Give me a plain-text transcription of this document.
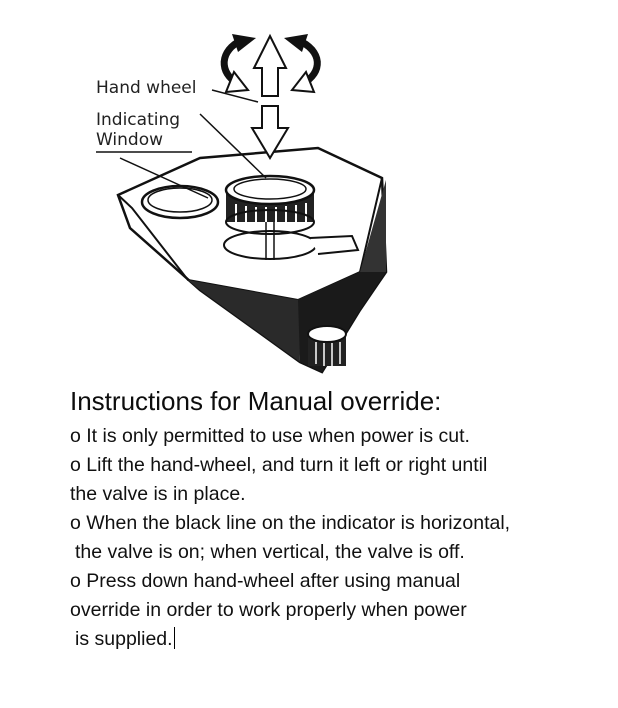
Hand wheel
Indicating
Window
Instructions for Manual override:

o It is only permitted to use when power is cut.

o Lift the hand-wheel, and turn it left or right until

the valve is in place.

o When the black line on the indicator is horizontal,

the valve is on; when vertical, the valve is off.

o Press down hand-wheel after using manual

override in order to work properly when power

is supplied.
